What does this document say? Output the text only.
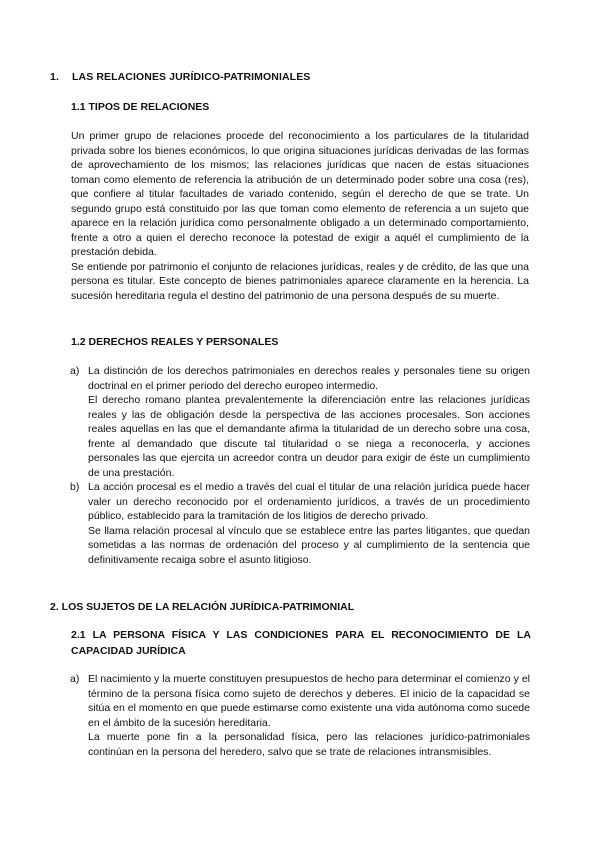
1. LAS RELACIONES JURÍDICO-PATRIMONIALES
1.1 TIPOS DE RELACIONES

Un primer grupo de relaciones procede del reconocimiento a los particulares de la titularidad privada sobre los bienes económicos, lo que origina situaciones jurídicas derivadas de las formas de aprovechamiento de los mismos; las relaciones jurídicas que nacen de estas situaciones toman como elemento de referencia la atribución de un determinado poder sobre una cosa (res), que confiere al titular facultades de variado contenido, según el derecho de que se trate. Un segundo grupo está constituido por las que toman como elemento de referencia a un sujeto que aparece en la relación jurídica como personalmente obligado a un determinado comportamiento, frente a otro a quien el derecho reconoce la potestad de exigir a aquél el cumplimiento de la prestación debida.

Se entiende por patrimonio el conjunto de relaciones jurídicas, reales y de crédito, de las que una persona es titular. Este concepto de bienes patrimoniales aparece claramente en la herencia. La sucesión hereditaria regula el destino del patrimonio de una persona después de su muerte.

1.2 DERECHOS REALES Y PERSONALES
a) La distinción de los derechos patrimoniales en derechos reales y personales tiene su origen doctrinal en el primer periodo del derecho europeo intermedio.

El derecho romano plantea prevalentemente la diferenciación entre las relaciones jurídicas reales y las de obligación desde la perspectiva de las acciones procesales. Son acciones reales aquellas en las que el demandante afirma la titularidad de un derecho sobre una cosa, frente al demandado que discute tal titularidad o se niega a reconocerla, y acciones personales las que ejercita un acreedor contra un deudor para exigir de éste un cumplimiento de una prestación.

b) La acción procesal es el medio a través del cual el titular de una relación jurídica puede hacer valer un derecho reconocido por el ordenamiento jurídicos, a través de un procedimiento público, establecido para la tramitación de los litigios de derecho privado.

Se llama relación procesal al vínculo que se establece entre las partes litigantes, que quedan sometidas a las normas de ordenación del proceso y al cumplimiento de la sentencia que definitivamente recaiga sobre el asunto litigioso.

2. LOS SUJETOS DE LA RELACIÓN JURÍDICA-PATRIMONIAL
2.1 LA PERSONA FÍSICA Y LAS CONDICIONES PARA EL RECONOCIMIENTO DE LA CAPACIDAD JURÍDICA
a) El nacimiento y la muerte constituyen presupuestos de hecho para determinar el comienzo y el término de la persona física como sujeto de derechos y deberes. El inicio de la capacidad se sitúa en el momento en que puede estimarse como existente una vida autónoma como sucede en el ámbito de la sucesión hereditaria.

La muerte pone fin a la personalidad física, pero las relaciones jurídico-patrimoniales continúan en la persona del heredero, salvo que se trate de relaciones intransmisibles.
